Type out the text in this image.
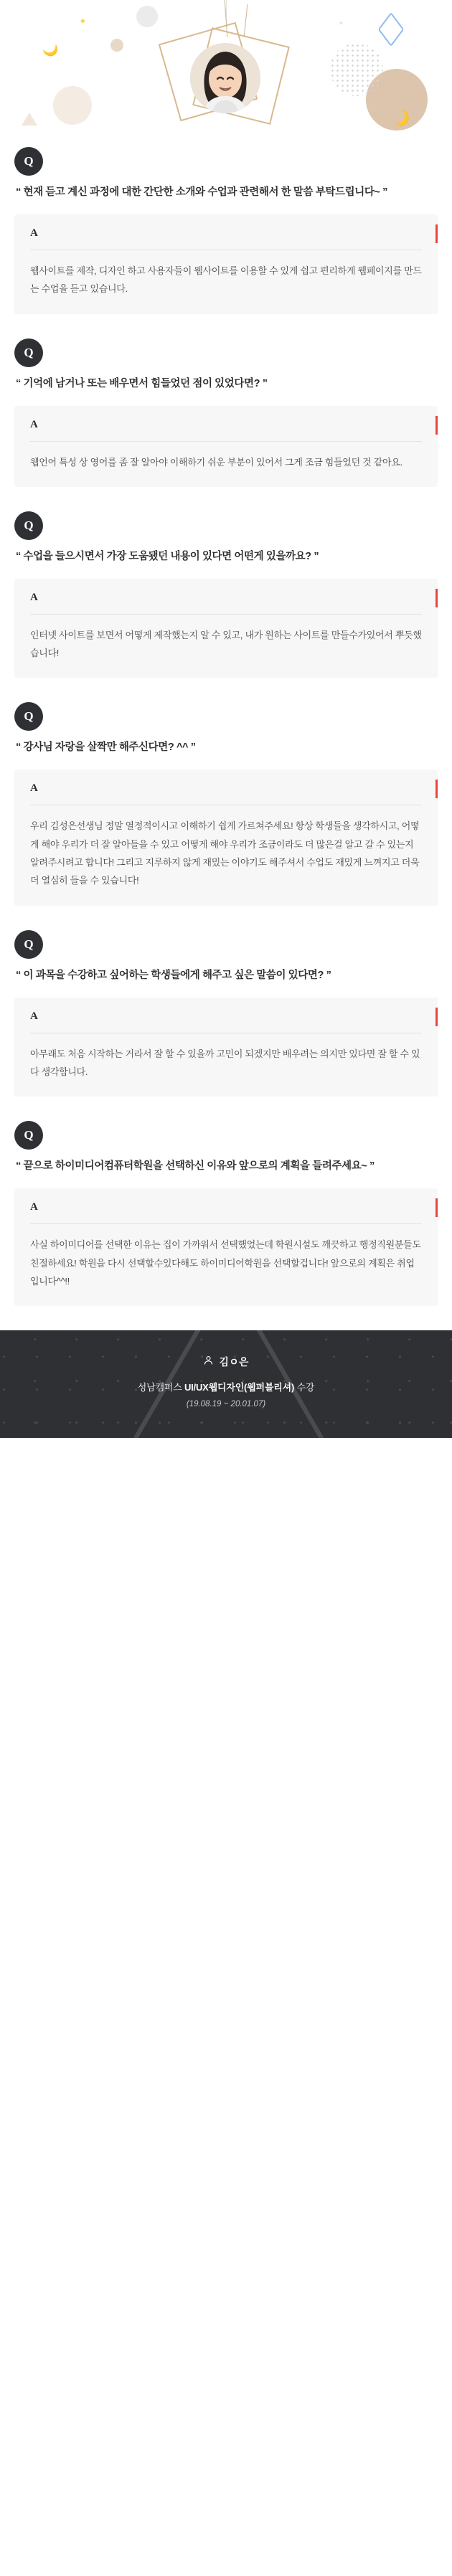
🌙
🌙
✦	✦
Q

“ 현재 듣고 계신 과정에 대한 간단한 소개와 수업과 관련해서 한 말씀 부탁드립니다~ ”

A

웹사이트를 제작, 디자인 하고 사용자들이 웹사이트를 이용할 수 있게 쉽고 편리하게 웹페이지를 만드는 수업을 듣고 있습니다.

Q

“ 기억에 남거나 또는 배우면서 힘들었던 점이 있었다면? ”

A

웹언어 특성 상 영어를 좀 잘 알아야 이해하기 쉬운 부분이 있어서 그게 조금 힘들었던 것 같아요.

Q

“ 수업을 들으시면서 가장 도움됐던 내용이 있다면 어떤게 있을까요? ”

A

인터넷 사이트를 보면서 어떻게 제작했는지 알 수 있고, 내가 원하는 사이트를 만들수가있어서 뿌듯했습니다!

Q

“ 강사님 자랑을 살짝만 해주신다면? ^^ ”

A

우리 김성은선생님 정말 열정적이시고 이해하기 쉽게 가르쳐주세요! 항상 학생들을 생각하시고, 어떻게 해야 우리가 더 잘 알아들을 수 있고 어떻게 해야 우리가 조금이라도 더 많은걸 알고 갈 수 있는지 알려주시려고 합니다! 그리고 지루하지 않게 재밌는 이야기도 해주셔서 수업도 재밌게 느껴지고 더욱 더 열심히 들을 수 있습니다!

Q

“ 이 과목을 수강하고 싶어하는 학생들에게 해주고 싶은 말씀이 있다면? ”

A

아무래도 처음 시작하는 거라서 잘 할 수 있을까 고민이 되겠지만 배우려는 의지만 있다면 잘 할 수 있다 생각합니다.

Q

“ 끝으로 하이미디어컴퓨터학원을 선택하신 이유와 앞으로의 계획을 들려주세요~ ”

A

사실 하이미디어를 선택한 이유는 집이 가까워서 선택했었는데 학원시설도 깨끗하고 행정직원분들도 친절하세요! 학원을 다시 선택할수있다해도 하이미디어학원을 선택할겁니다! 앞으로의 계획은 취업입니다^^!!

김ㅇ은
성남캠퍼스 UI/UX웹디자인(웹퍼블리셔) 수강
(19.08.19 ~ 20.01.07)
